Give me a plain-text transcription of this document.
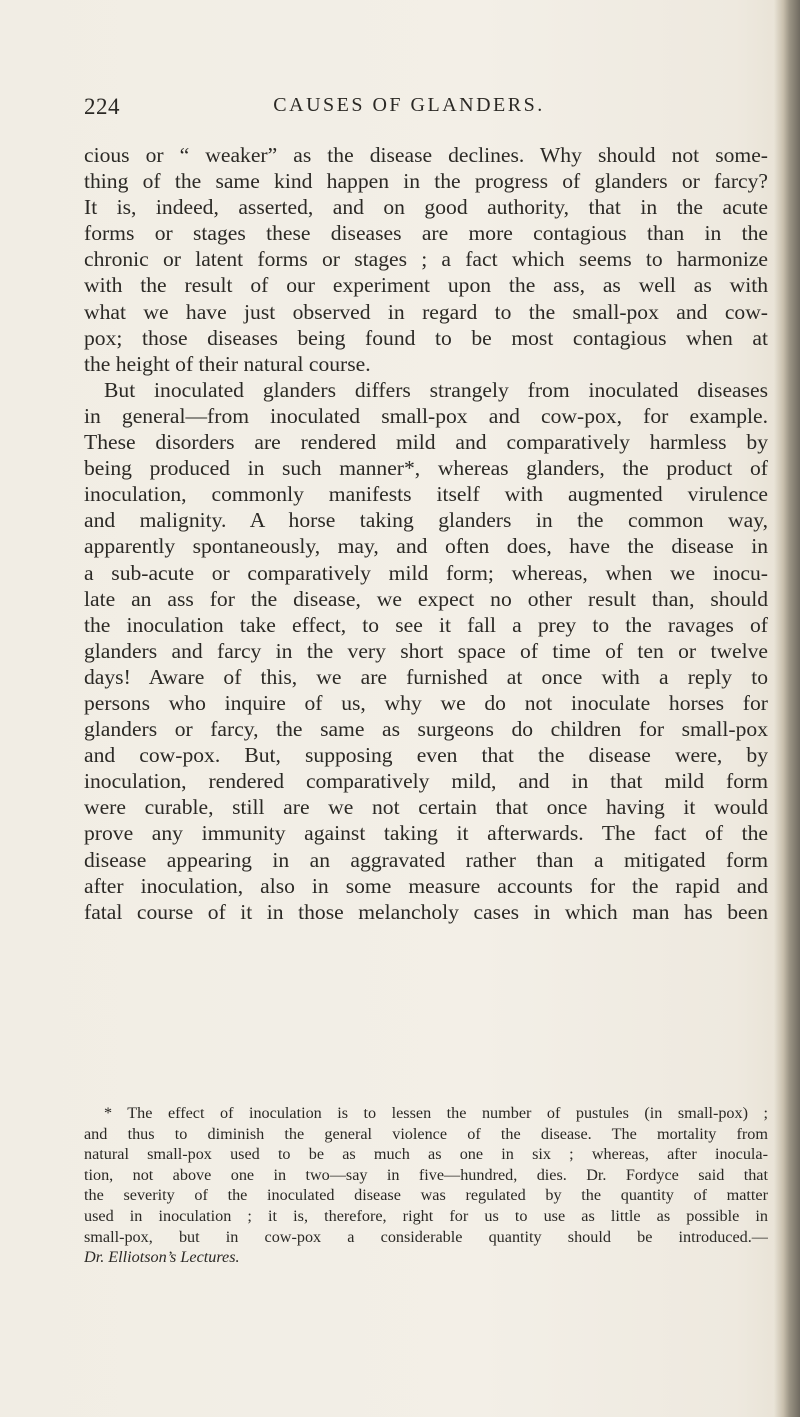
224	CAUSES OF GLANDERS.
cious or “ weaker” as the disease declines. Why should not some-
thing of the same kind happen in the progress of glanders or farcy?
It is, indeed, asserted, and on good authority, that in the acute
forms or stages these diseases are more contagious than in the
chronic or latent forms or stages ; a fact which seems to harmonize
with the result of our experiment upon the ass, as well as with
what we have just observed in regard to the small-pox and cow-
pox; those diseases being found to be most contagious when at
the height of their natural course.
But inoculated glanders differs strangely from inoculated diseases
in general—from inoculated small-pox and cow-pox, for example.
These disorders are rendered mild and comparatively harmless by
being produced in such manner*, whereas glanders, the product of
inoculation, commonly manifests itself with augmented virulence
and malignity. A horse taking glanders in the common way,
apparently spontaneously, may, and often does, have the disease in
a sub-acute or comparatively mild form; whereas, when we inocu-
late an ass for the disease, we expect no other result than, should
the inoculation take effect, to see it fall a prey to the ravages of
glanders and farcy in the very short space of time of ten or twelve
days! Aware of this, we are furnished at once with a reply to
persons who inquire of us, why we do not inoculate horses for
glanders or farcy, the same as surgeons do children for small-pox
and cow-pox. But, supposing even that the disease were, by
inoculation, rendered comparatively mild, and in that mild form
were curable, still are we not certain that once having it would
prove any immunity against taking it afterwards. The fact of the
disease appearing in an aggravated rather than a mitigated form
after inoculation, also in some measure accounts for the rapid and
fatal course of it in those melancholy cases in which man has been
* The effect of inoculation is to lessen the number of pustules (in small-pox) ;
and thus to diminish the general violence of the disease. The mortality from
natural small-pox used to be as much as one in six ; whereas, after inocula-
tion, not above one in two—say in five—hundred, dies. Dr. Fordyce said that
the severity of the inoculated disease was regulated by the quantity of matter
used in inoculation ; it is, therefore, right for us to use as little as possible in
small-pox, but in cow-pox a considerable quantity should be introduced.—
Dr. Elliotson’s Lectures.
